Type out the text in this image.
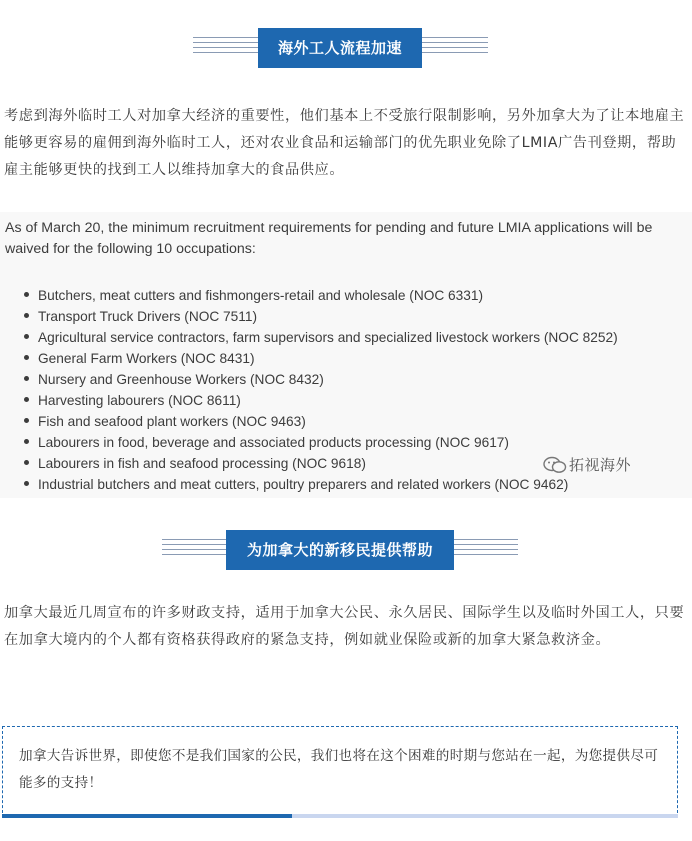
海外工人流程加速

考虑到海外临时工人对加拿大经济的重要性，他们基本上不受旅行限制影响，另外加拿大为了让本地雇主能够更容易的雇佣到海外临时工人，还对农业食品和运输部门的优先职业免除了LMIA广告刊登期，帮助雇主能够更快的找到工人以维持加拿大的食品供应。

As of March 20, the minimum recruitment requirements for pending and future LMIA applications will be waived for the following 10 occupations:

Butchers, meat cutters and fishmongers-retail and wholesale (NOC 6331)
Transport Truck Drivers (NOC 7511)
Agricultural service contractors, farm supervisors and specialized livestock workers (NOC 8252)
General Farm Workers (NOC 8431)
Nursery and Greenhouse Workers (NOC 8432)
Harvesting labourers (NOC 8611)
Fish and seafood plant workers (NOC 9463)
Labourers in food, beverage and associated products processing (NOC 9617)
Labourers in fish and seafood processing (NOC 9618)
Industrial butchers and meat cutters, poultry preparers and related workers (NOC 9462)
拓视海外
为加拿大的新移民提供帮助

加拿大最近几周宣布的许多财政支持，适用于加拿大公民、永久居民、国际学生以及临时外国工人，只要在加拿大境内的个人都有资格获得政府的紧急支持，例如就业保险或新的加拿大紧急救济金。

加拿大告诉世界，即使您不是我们国家的公民，我们也将在这个困难的时期与您站在一起，为您提供尽可能多的支持！
